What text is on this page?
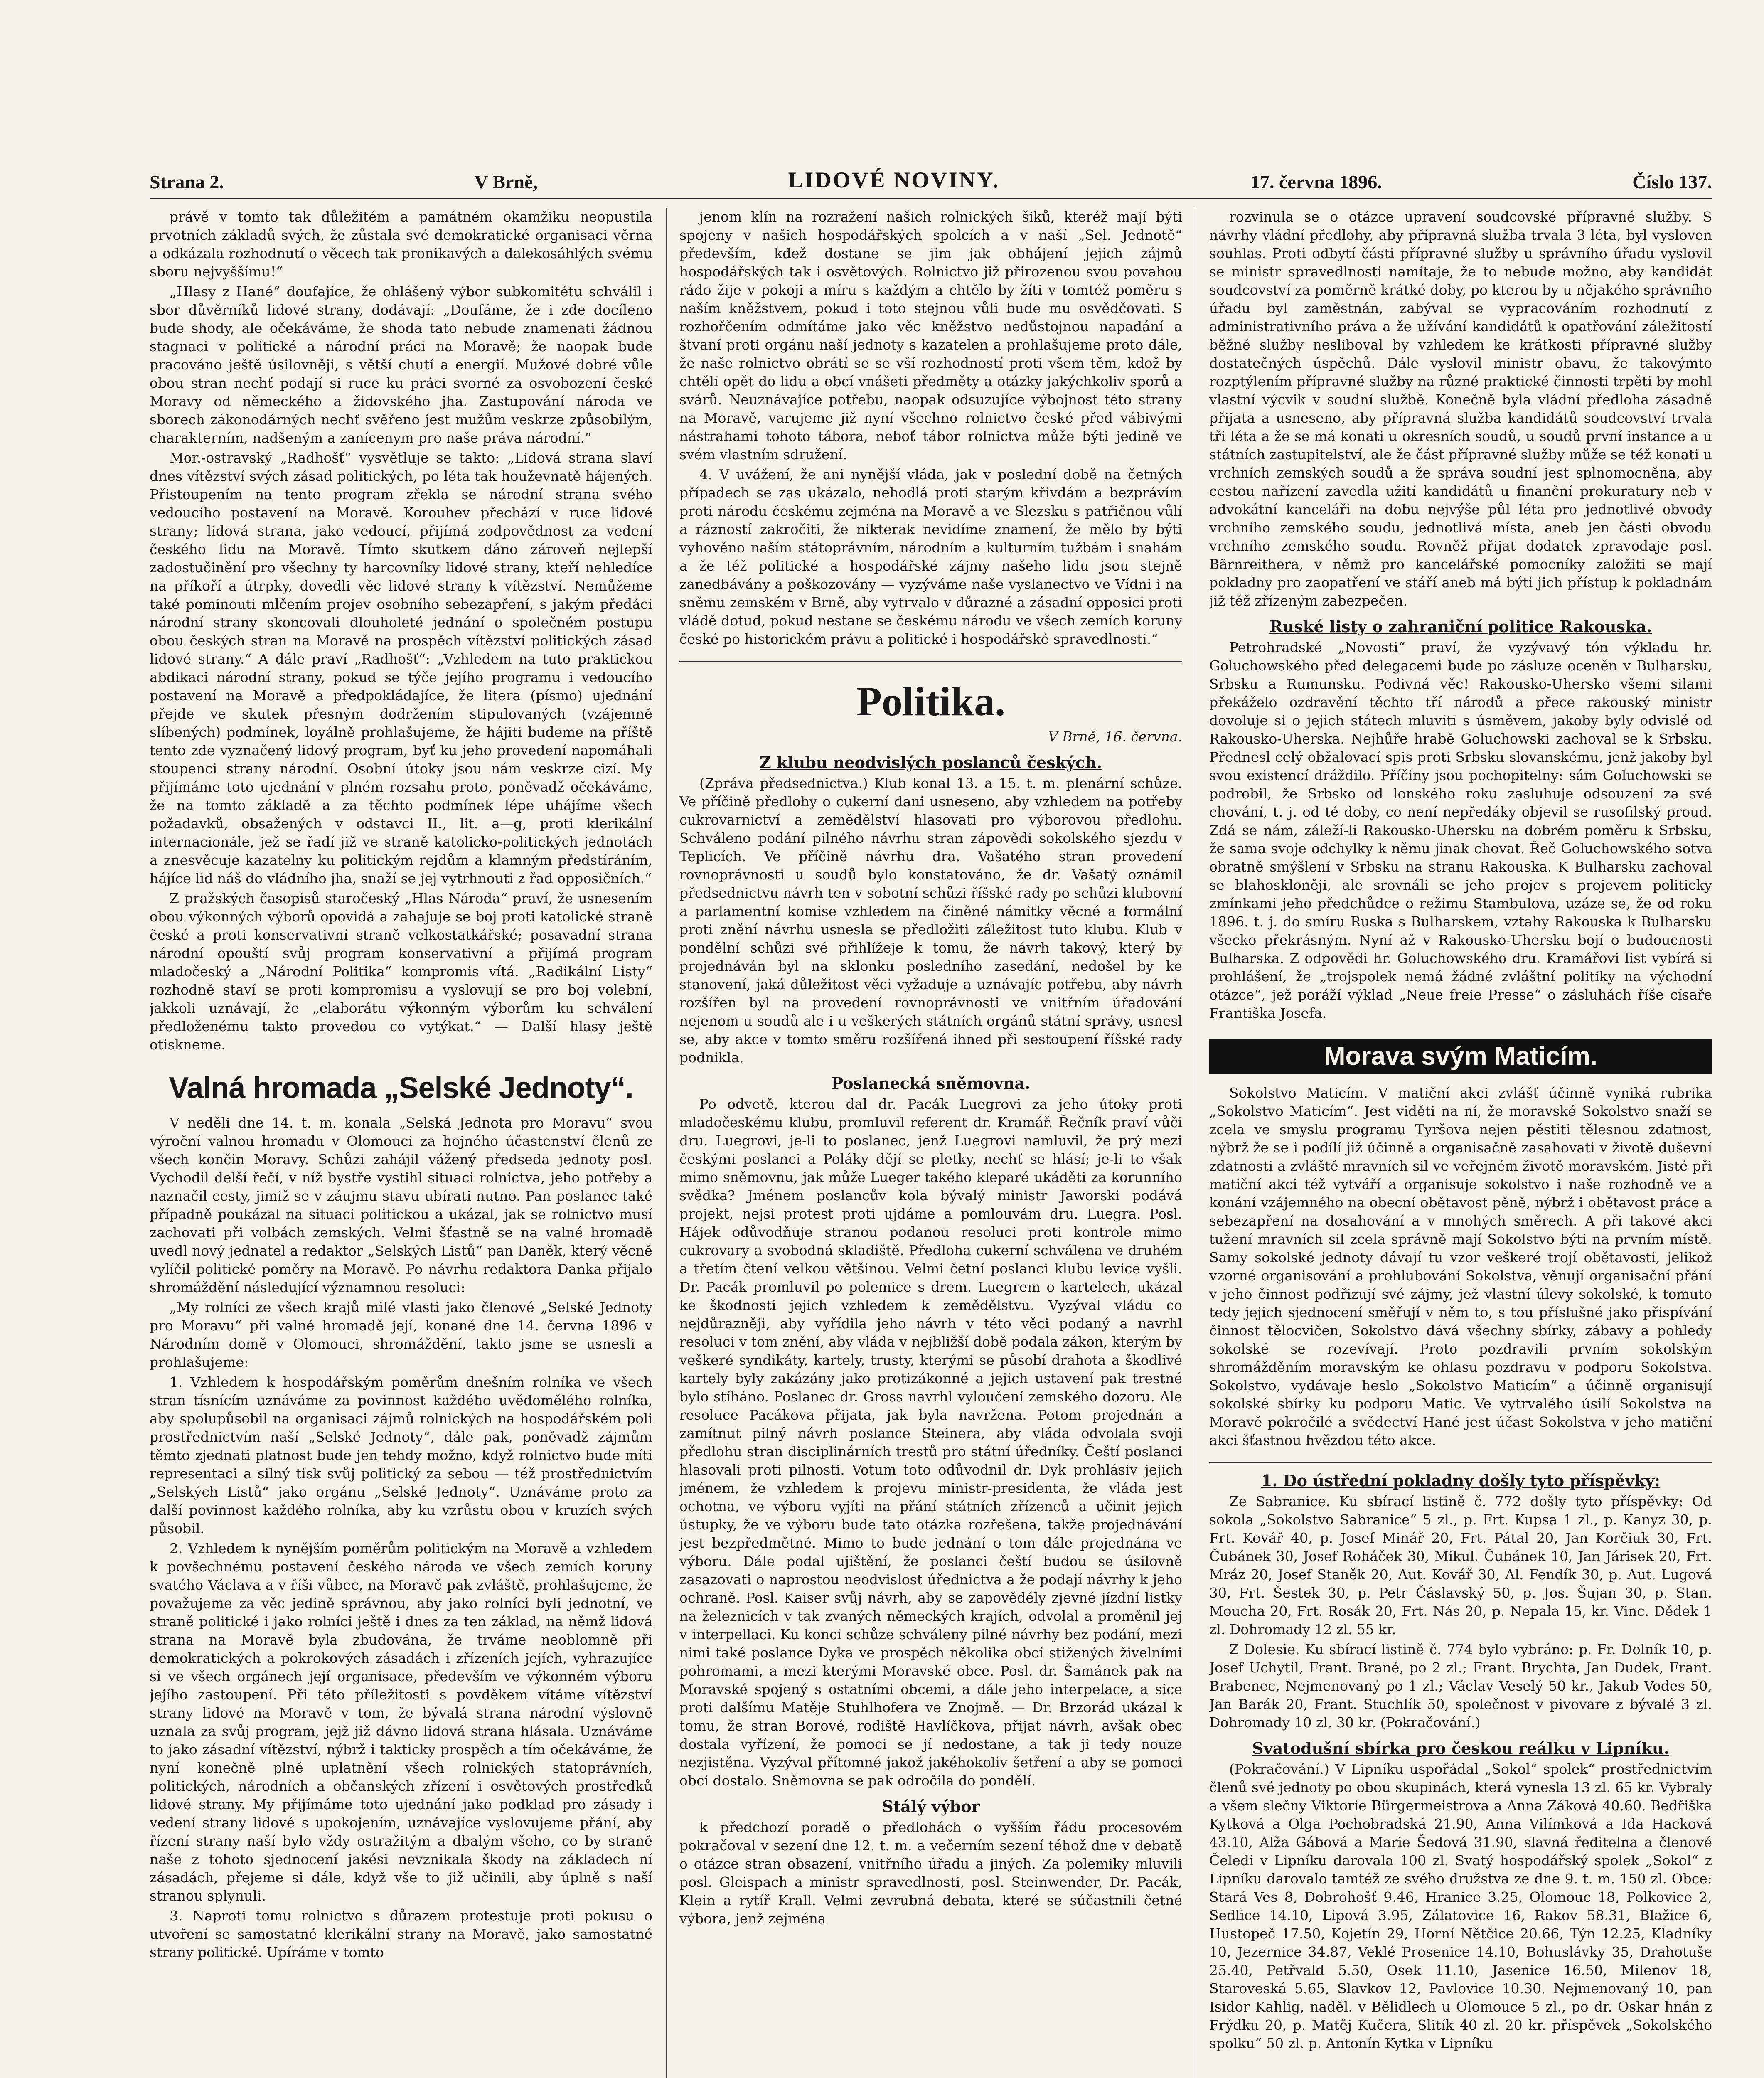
Strana 2.	V Brně,	LIDOVÉ NOVINY.	17. června 1896.	Číslo 137.

právě v tomto tak důležitém a památném okamžiku neopustila prvotních základů svých, že zůstala své demokratické organisaci věrna a odkázala rozhodnutí o věcech tak pronikavých a dalekosáhlých svému sboru nejvyššímu!“

„Hlasy z Hané“ doufajíce, že ohlášený výbor subkomitétu schválil i sbor důvěrníků lidové strany, dodávají: „Doufáme, že i zde docíleno bude shody, ale očekáváme, že shoda tato nebude znamenati žádnou stagnaci v politické a národní práci na Moravě; že naopak bude pracováno ještě úsilovněji, s větší chutí a energií. Mužové dobré vůle obou stran nechť podají si ruce ku práci svorné za osvobození české Moravy od německého a židovského jha. Zastupování národa ve sborech zákonodárných nechť svěřeno jest mužům veskrze způsobilým, charakterním, nadšeným a zanícenym pro naše práva národní.“

Mor.-ostravský „Radhošť“ vysvětluje se takto: „Lidová strana slaví dnes vítězství svých zásad politických, po léta tak houževnatě hájených. Přistoupením na tento program zřekla se národní strana svého vedoucího postavení na Moravě. Korouhev přechází v ruce lidové strany; lidová strana, jako vedoucí, přijímá zodpovědnost za vedení českého lidu na Moravě. Tímto skutkem dáno zároveň nejlepší zadostučinění pro všechny ty harcovníky lidové strany, kteří nehledíce na příkoří a útrpky, dovedli věc lidové strany k vítězství. Nemůžeme také pominouti mlčením projev osobního sebezapření, s jakým předáci národní strany skoncovali dlouholeté jednání o společném postupu obou českých stran na Moravě na prospěch vítězství politických zásad lidové strany.“ A dále praví „Radhošť“: „Vzhledem na tuto praktickou abdikaci národní strany, pokud se týče jejího programu i vedoucího postavení na Moravě a předpokládajíce, že litera (písmo) ujednání přejde ve skutek přesným dodržením stipulovaných (vzájemně slíbených) podmínek, loyálně prohlašujeme, že hájiti budeme na příště tento zde vyznačený lidový program, byť ku jeho provedení napomáhali stoupenci strany národní. Osobní útoky jsou nám veskrze cizí. My přijímáme toto ujednání v plném rozsahu proto, poněvadž očekáváme, že na tomto základě a za těchto podmínek lépe uhájíme všech požadavků, obsažených v odstavci II., lit. a—g, proti klerikální internacionále, jež se řadí již ve straně katolicko-politických jednotách a znesvěcuje kazatelny ku politickým rejdům a klamným předstíráním, hájíce lid náš do vládního jha, snaží se jej vytrhnouti z řad opposičních.“

Z pražských časopisů staročeský „Hlas Národa“ praví, že usnesením obou výkonných výborů opovidá a zahajuje se boj proti katolické straně české a proti konservativní straně velkostatkářské; posavadní strana národní opouští svůj program konservativní a přijímá program mladočeský a „Národní Politika“ kompromis vítá. „Radikální Listy“ rozhodně staví se proti kompromisu a vyslovují se pro boj volební, jakkoli uznávají, že „elaborátu výkonným výborům ku schválení předloženému takto provedou co vytýkat.“ — Další hlasy ještě otiskneme.

Valná hromada „Selské Jednoty“.

V neděli dne 14. t. m. konala „Selská Jednota pro Moravu“ svou výroční valnou hromadu v Olomouci za hojného účastenství členů ze všech končin Moravy. Schůzi zahájil vážený předseda jednoty posl. Vychodil delší řečí, v níž bystře vystihl situaci rolnictva, jeho potřeby a naznačil cesty, jimiž se v záujmu stavu ubírati nutno. Pan poslanec také případně poukázal na situaci politickou a ukázal, jak se rolnictvo musí zachovati při volbách zemských. Velmi šťastně se na valné hromadě uvedl nový jednatel a redaktor „Selských Listů“ pan Daněk, který věcně vylíčil politické poměry na Moravě. Po návrhu redaktora Danka přijalo shromáždění následující významnou resoluci:

„My rolníci ze všech krajů milé vlasti jako členové „Selské Jednoty pro Moravu“ při valné hromadě její, konané dne 14. června 1896 v Národním domě v Olomouci, shromáždění, takto jsme se usnesli a prohlašujeme:

1. Vzhledem k hospodářským poměrům dnešním rolníka ve všech stran tísnícím uznáváme za povinnost každého uvědomělého rolníka, aby spolupůsobil na organisaci zájmů rolnických na hospodářském poli prostřednictvím naší „Selské Jednoty“, dále pak, poněvadž zájmům těmto zjednati platnost bude jen tehdy možno, když rolnictvo bude míti representaci a silný tisk svůj politický za sebou — též prostřednictvím „Selských Listů“ jako orgánu „Selské Jednoty“. Uznáváme proto za další povinnost každého rolníka, aby ku vzrůstu obou v kruzích svých působil.

2. Vzhledem k nynějším poměrům politickým na Moravě a vzhledem k povšechnému postavení českého národa ve všech zemích koruny svatého Václava a v říši vůbec, na Moravě pak zvláště, prohlašujeme, že považujeme za věc jedině správnou, aby jako rolníci byli jednotní, ve straně politické i jako rolníci ještě i dnes za ten základ, na němž lidová strana na Moravě byla zbudována, že trváme neoblomně při demokratických a pokrokových zásadách i zřízeních jejích, vyhrazujíce si ve všech orgánech její organisace, především ve výkonném výboru jejího zastoupení. Při této příležitosti s povděkem vítáme vítězství strany lidové na Moravě v tom, že bývalá strana národní výslovně uznala za svůj program, jejž již dávno lidová strana hlásala. Uznáváme to jako zásadní vítězství, nýbrž i takticky prospěch a tím očekáváme, že nyní konečně plně uplatnění všech rolnických statoprávních, politických, národních a občanských zřízení i osvětových prostředků lidové strany. My přijímáme toto ujednání jako podklad pro zásady i vedení strany lidové s upokojením, uznávajíce vyslovujeme přání, aby řízení strany naší bylo vždy ostražitým a dbalým všeho, co by straně naše z tohoto sjednocení jakési nevznikala škody na základech ní zásadách, přejeme si dále, když vše to již učinili, aby úplně s naší stranou splynuli.

3. Naproti tomu rolnictvo s důrazem protestuje proti pokusu o utvoření se samostatné klerikální strany na Moravě, jako samostatné strany politické. Upíráme v tomto

jenom klín na rozražení našich rolnických šiků, kteréž mají býti spojeny v našich hospodářských spolcích a v naší „Sel. Jednotě“ především, kdež dostane se jim jak obhájení jejich zájmů hospodářských tak i osvětových. Rolnictvo již přirozenou svou povahou rádo žije v pokoji a míru s každým a chtělo by žíti v tomtéž poměru s naším kněžstvem, pokud i toto stejnou vůli bude mu osvědčovati. S rozhořčením odmítáme jako věc kněžstvo nedůstojnou napadání a štvaní proti orgánu naší jednoty s kazatelen a prohlašujeme proto dále, že naše rolnictvo obrátí se se vší rozhodností proti všem těm, kdož by chtěli opět do lidu a obcí vnášeti předměty a otázky jakýchkoliv sporů a svárů. Neuznávajíce potřebu, naopak odsuzujíce výbojnost této strany na Moravě, varujeme již nyní všechno rolnictvo české před vábivými nástrahami tohoto tábora, neboť tábor rolnictva může býti jedině ve svém vlastním sdružení.

4. V uvážení, že ani nynější vláda, jak v poslední době na četných případech se zas ukázalo, nehodlá proti starým křivdám a bezprávím proti národu českému zejména na Moravě a ve Slezsku s patřičnou vůlí a rázností zakročiti, že nikterak nevidíme znamení, že mělo by býti vyhověno naším státoprávním, národním a kulturním tužbám i snahám a že též politické a hospodářské zájmy našeho lidu jsou stejně zanedbávány a poškozovány — vyzýváme naše vyslanectvo ve Vídni i na sněmu zemském v Brně, aby vytrvalo v důrazné a zásadní opposici proti vládě dotud, pokud nestane se českému národu ve všech zemích koruny české po historickém právu a politické i hospodářské spravedlnosti.“

Politika.
V Brně, 16. června.
Z klubu neodvislých poslanců českých.

(Zpráva předsednictva.) Klub konal 13. a 15. t. m. plenární schůze. Ve příčině předlohy o cukerní dani usneseno, aby vzhledem na potřeby cukrovarnictví a zemědělství hlasovati pro výborovou předlohu. Schváleno podání pilného návrhu stran zápovědi sokolského sjezdu v Teplicích. Ve příčině návrhu dra. Vašatého stran provedení rovnoprávnosti u soudů bylo konstatováno, že dr. Vašatý oznámil předsednictvu návrh ten v sobotní schůzi říšské rady po schůzi klubovní a parlamentní komise vzhledem na činěné námitky věcné a formální proti znění návrhu usnesla se předložiti záležitost tuto klubu. Klub v pondělní schůzi své přihlížeje k tomu, že návrh takový, který by projednáván byl na sklonku posledního zasedání, nedošel by ke stanovení, jaká důležitost věci vyžaduje a uznávajíc potřebu, aby návrh rozšířen byl na provedení rovnoprávnosti ve vnitřním úřadování nejenom u soudů ale i u veškerých státních orgánů státní správy, usnesl se, aby akce v tomto směru rozšířená ihned při sestoupení říšské rady podnikla.

Poslanecká sněmovna.

Po odvetě, kterou dal dr. Pacák Luegrovi za jeho útoky proti mladočeskému klubu, promluvil referent dr. Kramář. Řečník praví vůči dru. Luegrovi, je-li to poslanec, jenž Luegrovi namluvil, že prý mezi českými poslanci a Poláky dějí se pletky, nechť se hlásí; je-li to však mimo sněmovnu, jak může Lueger takého kleparé ukáděti za korunního svědka? Jménem poslancův kola bývalý ministr Jaworski podává projekt, nejsi protest proti ujdáme a pomlouvám dru. Luegra. Posl. Hájek odůvodňuje stranou podanou resoluci proti kontrole mimo cukrovary a svobodná skladiště. Předloha cukerní schválena ve druhém a třetím čtení velkou většinou. Velmi četní poslanci klubu levice vyšli. Dr. Pacák promluvil po polemice s drem. Luegrem o kartelech, ukázal ke škodnosti jejich vzhledem k zemědělstvu. Vyzýval vládu co nejdůrazněji, aby vyřídila jeho návrh v této věci podaný a navrhl resoluci v tom znění, aby vláda v nejbližší době podala zákon, kterým by veškeré syndikáty, kartely, trusty, kterými se působí drahota a škodlivé kartely byly zakázány jako protizákonné a jejich ustavení pak trestné bylo stíháno. Poslanec dr. Gross navrhl vyloučení zemského dozoru. Ale resoluce Pacákova přijata, jak byla navržena. Potom projednán a zamítnut pilný návrh poslance Steinera, aby vláda odvolala svoji předlohu stran disciplinárních trestů pro státní úředníky. Čeští poslanci hlasovali proti pilnosti. Votum toto odůvodnil dr. Dyk prohlásiv jejich jménem, že vzhledem k projevu ministr-presidenta, že vláda jest ochotna, ve výboru vyjíti na přání státních zřízenců a učinit jejich ústupky, že ve výboru bude tato otázka rozřešena, takže projednávání jest bezpředmětné. Mimo to bude jednání o tom dále projednána ve výboru. Dále podal ujištění, že poslanci čeští budou se úsilovně zasazovati o naprostou neodvislost úřednictva a že podají návrhy k jeho ochraně. Posl. Kaiser svůj návrh, aby se zapovědély zjevné jízdní listky na železnicích v tak zvaných německých krajích, odvolal a proměnil jej v interpellaci. Ku konci schůze schváleny pilné návrhy bez podání, mezi nimi také poslance Dyka ve prospěch několika obcí stižených živelními pohromami, a mezi kterými Moravské obce. Posl. dr. Šamánek pak na Moravské spojený s ostatními obcemi, a dále jeho interpelace, a sice proti dalšímu Matěje Stuhlhofera ve Znojmě. — Dr. Brzorád ukázal k tomu, že stran Borové, rodiště Havlíčkova, přijat návrh, avšak obec dostala vyřízení, že pomoci se jí nedostane, a tak ji tedy nouze nezjistěna. Vyzýval přítomné jakož jakéhokoliv šetření a aby se pomoci obci dostalo. Sněmovna se pak odročila do pondělí.

Stálý výbor

k předchozí poradě o předlohách o vyšším řádu procesovém pokračoval v sezení dne 12. t. m. a večerním sezení téhož dne v debatě o otázce stran obsazení, vnitřního úřadu a jiných. Za polemiky mluvili posl. Gleispach a ministr spravedlnosti, posl. Steinwender, Dr. Pacák, Klein a rytíř Krall. Velmi zevrubná debata, které se súčastnili četné výbora, jenž zejména

rozvinula se o otázce upravení soudcovské přípravné služby. S návrhy vládní předlohy, aby přípravná služba trvala 3 léta, byl vysloven souhlas. Proti odbytí části přípravné služby u správního úřadu vyslovil se ministr spravedlnosti namítaje, že to nebude možno, aby kandidát soudcovství za poměrně krátké doby, po kterou by u nějakého správního úřadu byl zaměstnán, zabýval se vypracováním rozhodnutí z administrativního práva a že užívání kandidátů k opatřování záležitostí běžné služby nesliboval by vzhledem ke krátkosti přípravné služby dostatečných úspěchů. Dále vyslovil ministr obavu, že takovýmto rozptýlením přípravné služby na různé praktické činnosti trpěti by mohl vlastní výcvik v soudní službě. Konečně byla vládní předloha zásadně přijata a usneseno, aby přípravná služba kandidátů soudcovství trvala tři léta a že se má konati u okresních soudů, u soudů první instance a u státních zastupitelství, ale že část přípravné služby může se též konati u vrchních zemských soudů a že správa soudní jest splnomocněna, aby cestou nařízení zavedla užití kandidátů u finanční prokuratury neb v advokátní kanceláři na dobu nejvýše půl léta pro jednotlivé obvody vrchního zemského soudu, jednotlivá místa, aneb jen části obvodu vrchního zemského soudu. Rovněž přijat dodatek zpravodaje posl. Bärnreithera, v němž pro kancelářské pomocníky založiti se mají pokladny pro zaopatření ve stáří aneb má býti jich přístup k pokladnám již též zřízeným zabezpečen.

Ruské listy o zahraniční politice Rakouska.

Petrohradské „Novosti“ praví, že vyzývavý tón výkladu hr. Goluchowského před delegacemi bude po zásluze oceněn v Bulharsku, Srbsku a Rumunsku. Podivná věc! Rakousko-Uhersko všemi silami překáželo ozdravění těchto tří národů a přece rakouský ministr dovoluje si o jejich státech mluviti s úsměvem, jakoby byly odvislé od Rakousko-Uherska. Nejhůře hrabě Goluchowski zachoval se k Srbsku. Přednesl celý obžalovací spis proti Srbsku slovanskému, jenž jakoby byl svou existencí dráždilo. Příčiny jsou pochopitelny: sám Goluchowski se podrobil, že Srbsko od lonského roku zasluhuje odsouzení za své chování, t. j. od té doby, co není nepředáky objevil se rusofilský proud. Zdá se nám, záleží-li Rakousko-Uhersku na dobrém poměru k Srbsku, že sama svoje odchylky k němu jinak chovat. Řeč Goluchowského sotva obratně smýšlení v Srbsku na stranu Rakouska. K Bulharsku zachoval se blahoskloněji, ale srovnáli se jeho projev s projevem politicky zmínkami jeho předchůdce o režimu Stambulova, uzáze se, že od roku 1896. t. j. do smíru Ruska s Bulharskem, vztahy Rakouska k Bulharsku všecko překrásným. Nyní až v Rakousko-Uhersku bojí o budoucnosti Bulharska. Z odpovědi hr. Goluchowského dru. Kramářovi list vybírá si prohlášení, že „trojspolek nemá žádné zvláštní politiky na východní otázce“, jež poráží výklad „Neue freie Presse“ o zásluhách říše císaře Františka Josefa.

Morava svým Maticím.

Sokolstvo Maticím. V matiční akci zvlášť účinně vyniká rubrika „Sokolstvo Maticím“. Jest viděti na ní, že moravské Sokolstvo snaží se zcela ve smyslu programu Tyršova nejen pěstiti tělesnou zdatnost, nýbrž že se i podílí již účinně a organisačně zasahovati v životě duševní zdatnosti a zvláště mravních sil ve veřejném životě moravském. Jisté při matiční akci též vytváří a organisuje sokolstvo i naše rozhodně ve a konání vzájemného na obecní obětavost pěně, nýbrž i obětavost práce a sebezapření na dosahování a v mnohých směrech. A při takové akci tužení mravních sil zcela správně mají Sokolstvo býti na prvním místě. Samy sokolské jednoty dávají tu vzor veškeré trojí obětavosti, jelikož vzorné organisování a prohlubování Sokolstva, věnují organisační přání v jeho činnost podřizují své zájmy, jež vlastní úlevy sokolské, k tomuto tedy jejich sjednocení směřují v něm to, s tou příslušné jako přispívání činnost tělocvičen, Sokolstvo dává všechny sbírky, zábavy a pohledy sokolské se rozevívají. Proto pozdravili prvním sokolským shromážděním moravským ke ohlasu pozdravu v podporu Sokolstva. Sokolstvo, vydávaje heslo „Sokolstvo Maticím“ a účinně organisují sokolské sbírky ku podporu Matic. Ve vytrvalého úsilí Sokolstva na Moravě pokročilé a svědectví Hané jest účast Sokolstva v jeho matiční akci šťastnou hvězdou této akce.

1. Do ústřední pokladny došly tyto příspěvky:

Ze Sabranice. Ku sbírací listině č. 772 došly tyto příspěvky: Od sokola „Sokolstvo Sabranice“ 5 zl., p. Frt. Kupsa 1 zl., p. Kanyz 30, p. Frt. Kovář 40, p. Josef Minář 20, Frt. Pátal 20, Jan Korčiuk 30, Frt. Čubánek 30, Josef Roháček 30, Mikul. Čubánek 10, Jan Járisek 20, Frt. Mráz 20, Josef Staněk 20, Aut. Kovář 30, Al. Fendík 30, p. Aut. Lugová 30, Frt. Šestek 30, p. Petr Čáslavský 50, p. Jos. Šujan 30, p. Stan. Moucha 20, Frt. Rosák 20, Frt. Nás 20, p. Nepala 15, kr. Vinc. Dědek 1 zl. Dohromady 12 zl. 55 kr.

Z Dolesie. Ku sbírací listině č. 774 bylo vybráno: p. Fr. Dolník 10, p. Josef Uchytil, Frant. Brané, po 2 zl.; Frant. Brychta, Jan Dudek, Frant. Brabenec, Nejmenovaný po 1 zl.; Václav Veselý 50 kr., Jakub Vodes 50, Jan Barák 20, Frant. Stuchlík 50, společnost v pivovare z bývalé 3 zl. Dohromady 10 zl. 30 kr. (Pokračování.)

Svatodušní sbírka pro českou reálku v Lipníku.

(Pokračování.) V Lipníku uspořádal „Sokol“ spolek“ prostřednictvím členů své jednoty po obou skupinách, která vynesla 13 zl. 65 kr. Vybraly a všem slečny Viktorie Bürgermeistrova a Anna Záková 40.60. Bedřiška Kytková a Olga Pochobradská 21.90, Anna Vilímková a Ida Hacková 43.10, Alža Gábová a Marie Šedová 31.90, slavná ředitelna a členové Čeledi v Lipníku darovala 100 zl. Svatý hospodářský spolek „Sokol“ z Lipníku darovalo tamtéž ze svého družstva ze dne 9. t. m. 150 zl. Obce: Stará Ves 8, Dobrohošť 9.46, Hranice 3.25, Olomouc 18, Polkovice 2, Sedlice 14.10, Lipová 3.95, Zálatovice 16, Rakov 58.31, Blažice 6, Hustopeč 17.50, Kojetín 29, Horní Nětčice 20.66, Týn 12.25, Kladníky 10, Jezernice 34.87, Veklé Prosenice 14.10, Bohuslávky 35, Drahotuše 25.40, Petřvald 5.50, Osek 11.10, Jasenice 16.50, Milenov 18, Staroveská 5.65, Slavkov 12, Pavlovice 10.30. Nejmenovaný 10, pan Isidor Kahlig, naděl. v Bělidlech u Olomouce 5 zl., po dr. Oskar hnán z Frýdku 20, p. Matěj Kučera, Slitík 40 zl. 20 kr. příspěvek „Sokolského spolku“ 50 zl. p. Antonín Kytka v Lipníku
